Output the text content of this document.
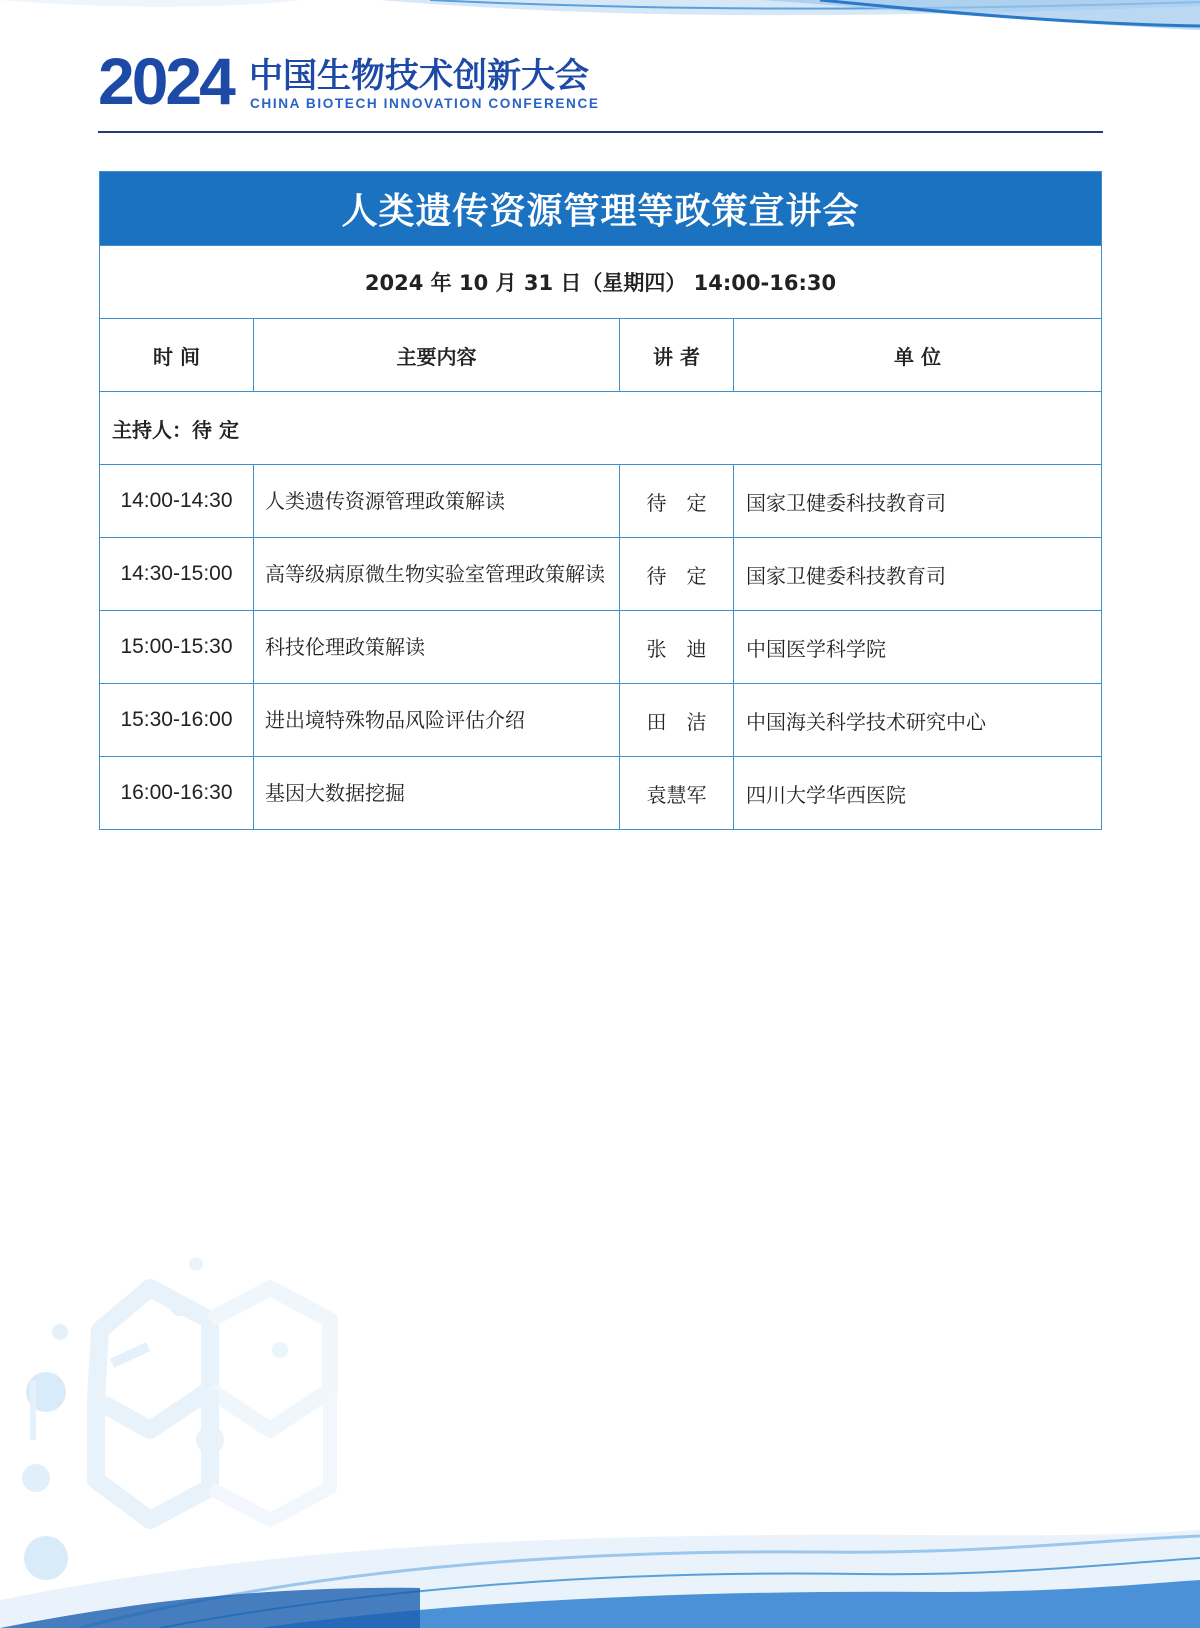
2024 中国生物技术创新大会
CHINA BIOTECH INNOVATION CONFERENCE
人类遗传资源管理等政策宣讲会			
2024 年 10 月 31 日（星期四） 14:00-16:30			
时 间	主要内容	讲 者	单 位
主持人：待 定			
14:00-14:30	人类遗传资源管理政策解读	待　定	国家卫健委科技教育司
14:30-15:00	高等级病原微生物实验室管理政策解读	待　定	国家卫健委科技教育司
15:00-15:30	科技伦理政策解读	张　迪	中国医学科学院
15:30-16:00	进出境特殊物品风险评估介绍	田　洁	中国海关科学技术研究中心
16:00-16:30	基因大数据挖掘	袁慧军	四川大学华西医院
